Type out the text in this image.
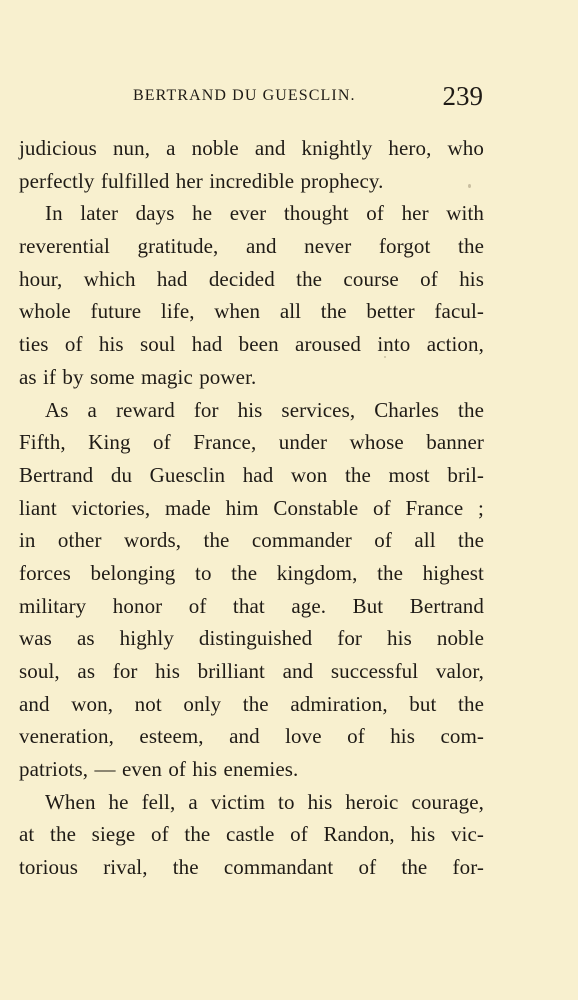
BERTRAND DU GUESCLIN.	239
judicious nun, a noble and knightly hero, who
perfectly fulfilled her incredible prophecy.
In later days he ever thought of her with
reverential gratitude, and never forgot the
hour, which had decided the course of his
whole future life, when all the better facul-
ties of his soul had been aroused into action,
as if by some magic power.
As a reward for his services, Charles the
Fifth, King of France, under whose banner
Bertrand du Guesclin had won the most bril-
liant victories, made him Constable of France ;
in other words, the commander of all the
forces belonging to the kingdom, the highest
military honor of that age. But Bertrand
was as highly distinguished for his noble
soul, as for his brilliant and successful valor,
and won, not only the admiration, but the
veneration, esteem, and love of his com-
patriots, — even of his enemies.
When he fell, a victim to his heroic courage,
at the siege of the castle of Randon, his vic-
torious rival, the commandant of the for-
